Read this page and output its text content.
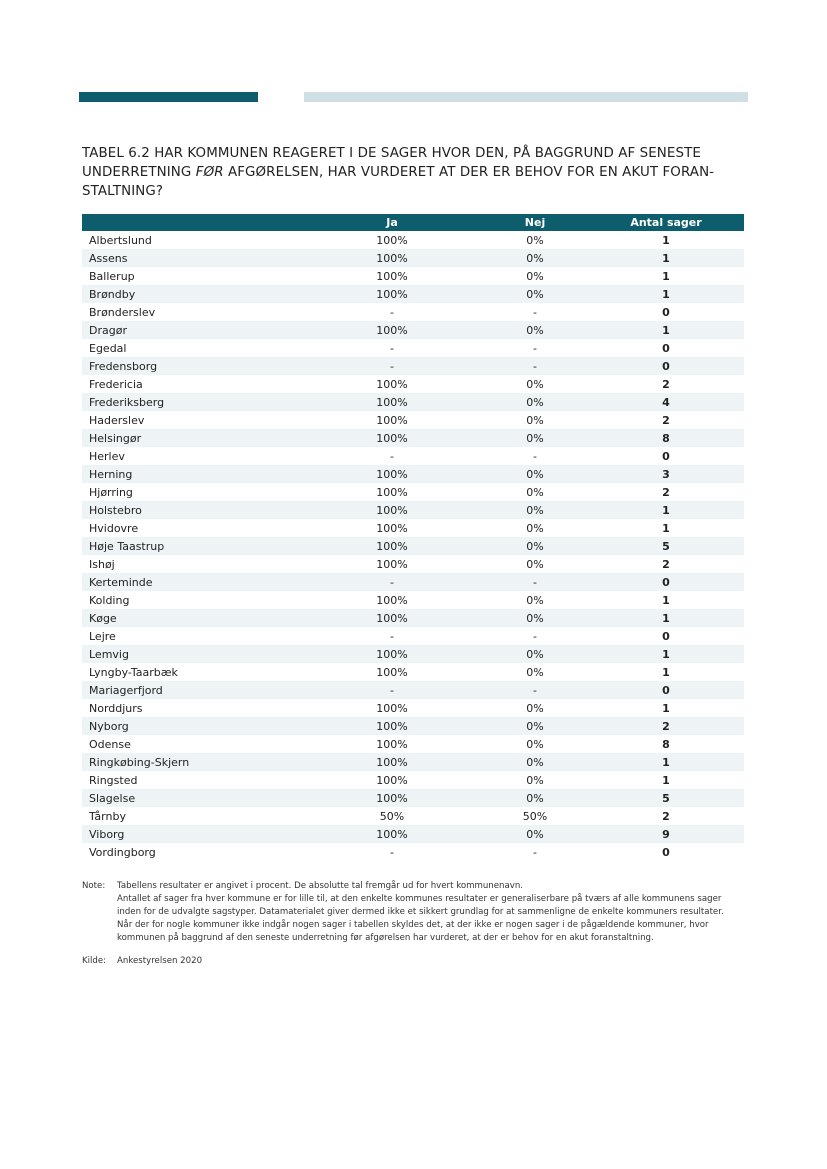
TABEL 6.2 HAR KOMMUNEN REAGERET I DE SAGER HVOR DEN, PÅ BAGGRUND AF SENESTE UNDERRETNING FØR AFGØRELSEN, HAR VURDERET AT DER ER BEHOV FOR EN AKUT FORAN-STALTNING?
	Ja	Nej	Antal sager
Albertslund	100%	0%	1
Assens	100%	0%	1
Ballerup	100%	0%	1
Brøndby	100%	0%	1
Brønderslev	-	-	0
Dragør	100%	0%	1
Egedal	-	-	0
Fredensborg	-	-	0
Fredericia	100%	0%	2
Frederiksberg	100%	0%	4
Haderslev	100%	0%	2
Helsingør	100%	0%	8
Herlev	-	-	0
Herning	100%	0%	3
Hjørring	100%	0%	2
Holstebro	100%	0%	1
Hvidovre	100%	0%	1
Høje Taastrup	100%	0%	5
Ishøj	100%	0%	2
Kerteminde	-	-	0
Kolding	100%	0%	1
Køge	100%	0%	1
Lejre	-	-	0
Lemvig	100%	0%	1
Lyngby-Taarbæk	100%	0%	1
Mariagerfjord	-	-	0
Norddjurs	100%	0%	1
Nyborg	100%	0%	2
Odense	100%	0%	8
Ringkøbing-Skjern	100%	0%	1
Ringsted	100%	0%	1
Slagelse	100%	0%	5
Tårnby	50%	50%	2
Viborg	100%	0%	9
Vordingborg	-	-	0
Note:	Tabellens resultater er angivet i procent. De absolutte tal fremgår ud for hvert kommunenavn.

Antallet af sager fra hver kommune er for lille til, at den enkelte kommunes resultater er generaliserbare på tværs af alle kommunens sager inden for de udvalgte sagstyper. Datamaterialet giver dermed ikke et sikkert grundlag for at sammenligne de enkelte kommuners resultater.

Når der for nogle kommuner ikke indgår nogen sager i tabellen skyldes det, at der ikke er nogen sager i de pågældende kommuner, hvor kommunen på baggrund af den seneste underretning før afgørelsen har vurderet, at der er behov for en akut foranstaltning.

Kilde:	Ankestyrelsen 2020
